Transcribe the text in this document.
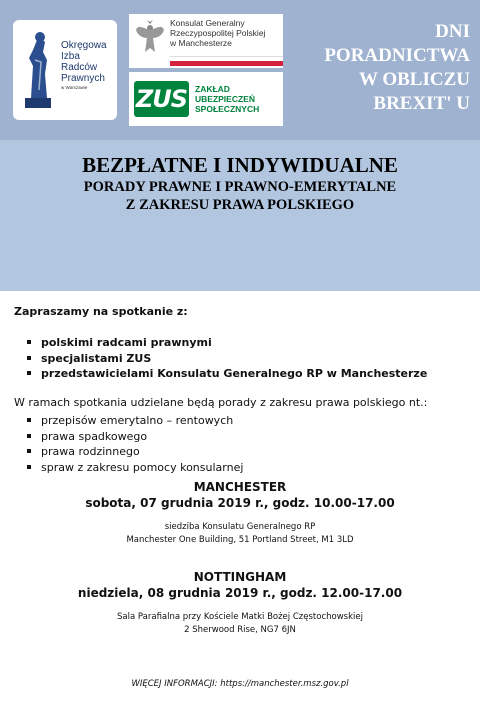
Okręgowa
Izba
Radców
Prawnych
w Warszawie
Konsulat Generalny
Rzeczypospolitej Polskiej
w Manchesterze
ZUS ZAKŁAD
UBEZPIECZEŃ
SPOŁECZNYCH
DNI
PORADNICTWA
W OBLICZU
BREXIT' U
BEZPŁATNE I INDYWIDUALNE
PORADY PRAWNE I PRAWNO-EMERYTALNE
Z ZAKRESU PRAWA POLSKIEGO
Zapraszamy na spotkanie z:
polskimi radcami prawnymi
specjalistami ZUS
przedstawicielami Konsulatu Generalnego RP w Manchesterze
W ramach spotkania udzielane będą porady z zakresu prawa polskiego nt.:
przepisów emerytalno – rentowych
prawa spadkowego
prawa rodzinnego
spraw z zakresu pomocy konsularnej
MANCHESTER
sobota, 07 grudnia 2019 r., godz. 10.00-17.00
siedziba Konsulatu Generalnego RP
Manchester One Building, 51 Portland Street, M1 3LD
NOTTINGHAM
niedziela, 08 grudnia 2019 r., godz. 12.00-17.00
Sala Parafialna przy Kościele Matki Bożej Częstochowskiej
2 Sherwood Rise, NG7 6JN
WIĘCEJ INFORMACJI: https://manchester.msz.gov.pl
